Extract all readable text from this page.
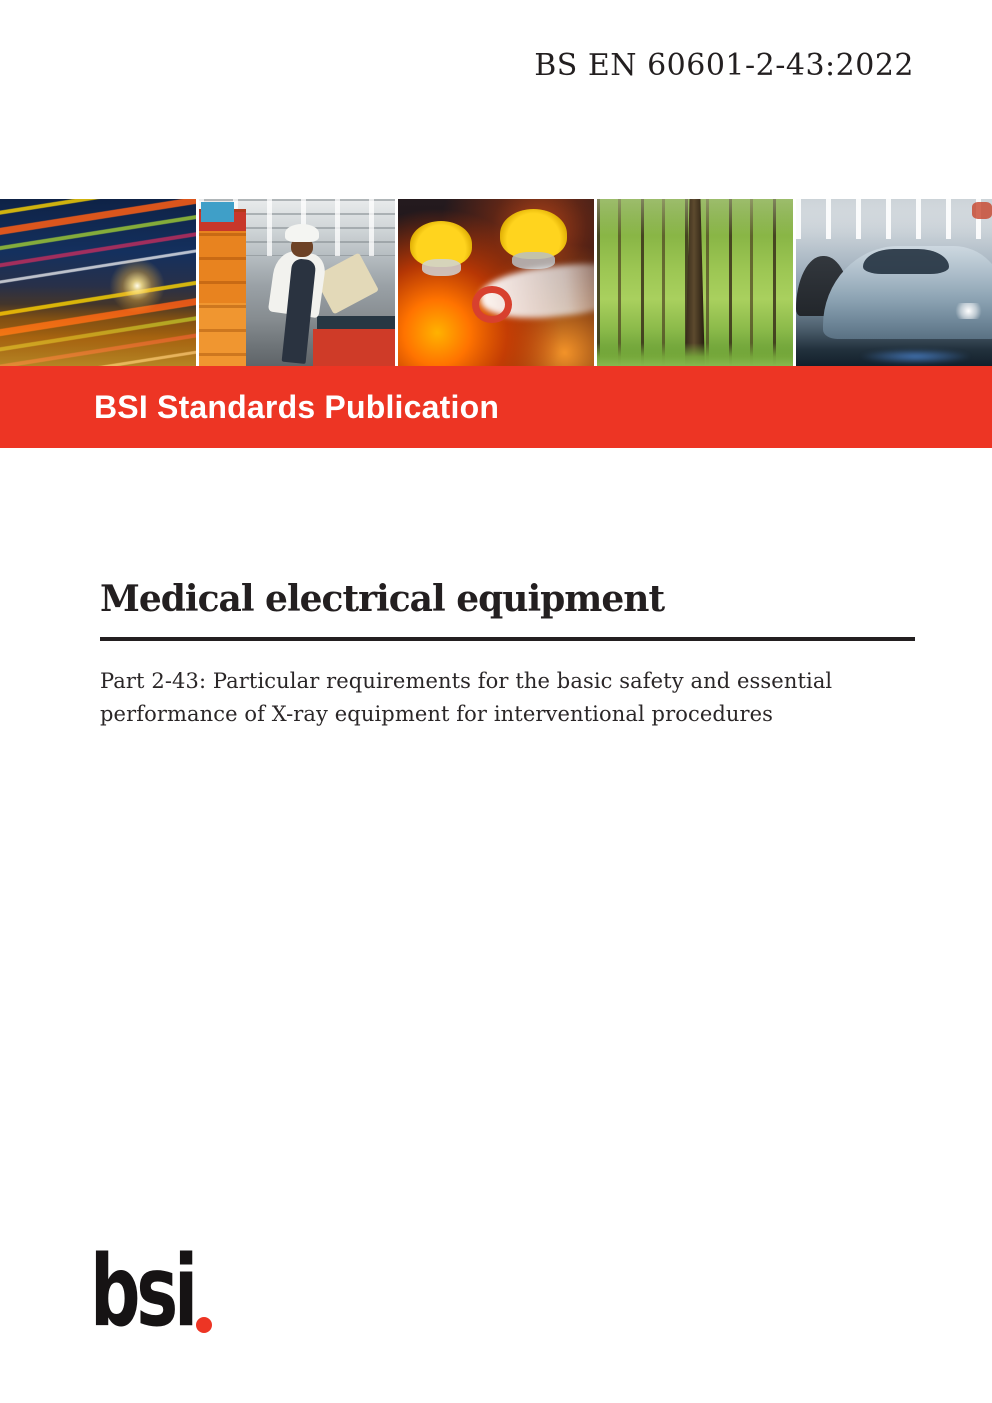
BS EN 60601-2-43:2022
BSI Standards Publication
Medical electrical equipment
Part 2-43: Particular requirements for the basic safety and essential
performance of X-ray equipment for interventional procedures
bsi
